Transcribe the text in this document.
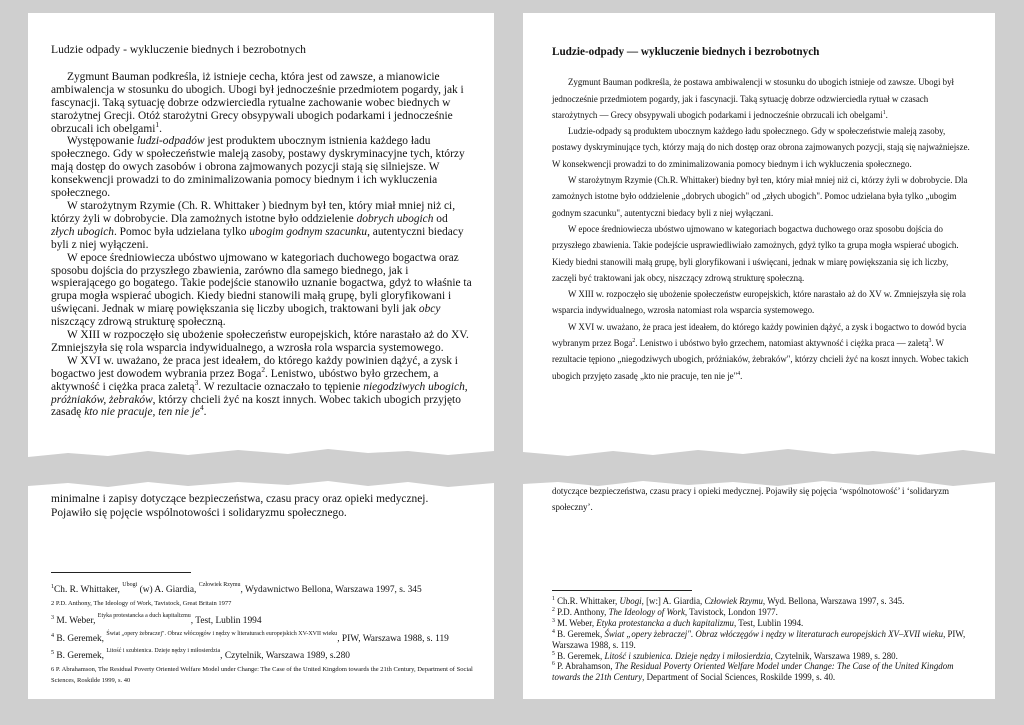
Ludzie odpady - wykluczenie biednych i bezrobotnych

Zygmunt Bauman podkreśla, iż istnieje cecha, która jest od zawsze, a mianowicie ambiwalencja w stosunku do ubogich. Ubogi był jednocześnie przedmiotem pogardy, jak i fascynacji. Taką sytuację dobrze odzwierciedla rytualne zachowanie wobec biednych w starożytnej Grecji. Otóż starożytni Grecy obsypywali ubogich podarkami i jednocześnie obrzucali ich obelgami$^1$.

Występowanie ludzi-odpadów jest produktem ubocznym istnienia każdego ładu społecznego. Gdy w społeczeństwie maleją zasoby, postawy dyskryminacyjne tych, którzy mają dostęp do owych zasobów i obrona zajmowanych pozycji stają się silniejsze. W konsekwencji prowadzi to do zminimalizowania pomocy biednym i ich wykluczenia społecznego.

W starożytnym Rzymie (Ch. R. Whittaker ) biednym był ten, który miał mniej niż ci, którzy żyli w dobrobycie. Dla zamożnych istotne było oddzielenie dobrych ubogich od złych ubogich. Pomoc była udzielana tylko ubogim godnym szacunku, autentyczni biedacy byli z niej wyłączeni.

W epoce średniowiecza ubóstwo ujmowano w kategoriach duchowego bogactwa oraz sposobu dojścia do przyszłego zbawienia, zarówno dla samego biednego, jak i wspierającego go bogatego. Takie podejście stanowiło uznanie bogactwa, gdyż to właśnie ta grupa mogła wspierać ubogich. Kiedy biedni stanowili małą grupę, byli gloryfikowani i uświęcani. Jednak w miarę powiększania się liczby ubogich, traktowani byli jak obcy niszczący zdrową strukturę społeczną.

W XIII w rozpoczęło się ubożenie społeczeństw europejskich, które narastało aż do XV. Zmniejszyła się rola wsparcia indywidualnego, a wzrosła rola wsparcia systemowego.

W XVI w. uważano, że praca jest ideałem, do którego każdy powinien dążyć, a zysk i bogactwo jest dowodem wybrania przez Boga$^2$. Lenistwo, ubóstwo było grzechem, a aktywność i ciężka praca zaletą$^3$. W rezultacie oznaczało to tępienie niegodziwych ubogich, próżniaków, żebraków, którzy chcieli żyć na koszt innych. Wobec takich ubogich przyjęto zasadę kto nie pracuje, ten nie $je^4$.

Ludzie-odpady — wykluczenie biednych i bezrobotnych

Zygmunt Bauman podkreśla, że postawa ambiwalencji w stosunku do ubogich istnieje od zawsze. Ubogi był jednocześnie przedmiotem pogardy, jak i fascynacji. Taką sytuację dobrze odzwierciedla rytuał w czasach starożytnych — Grecy obsypywali ubogich podarkami i jednocześnie obrzucali ich obelgami$^1$.

Ludzie-odpady są produktem ubocznym każdego ładu społecznego. Gdy w społeczeństwie maleją zasoby, postawy dyskryminujące tych, którzy mają do nich dostęp oraz obrona zajmowanych pozycji, stają się najważniejsze. W konsekwencji prowadzi to do zminimalizowania pomocy biednym i ich wykluczenia społecznego.

W starożytnym Rzymie (Ch.R. Whittaker) biedny był ten, który miał mniej niż ci, którzy żyli w dobrobycie. Dla zamożnych istotne było oddzielenie „dobrych ubogich" od „złych ubogich". Pomoc udzielana była tylko „ubogim godnym szacunku", autentyczni biedacy byli z niej wyłączani.

W epoce średniowiecza ubóstwo ujmowano w kategoriach bogactwa duchowego oraz sposobu dojścia do przyszłego zbawienia. Takie podejście usprawiedliwiało zamożnych, gdyż tylko ta grupa mogła wspierać ubogich. Kiedy biedni stanowili małą grupę, byli gloryfikowani i uświęcani, jednak w miarę powiększania się ich liczby, zaczęli być traktowani jak obcy, niszczący zdrową strukturę społeczną.

W XIII w. rozpoczęło się ubożenie społeczeństw europejskich, które narastało aż do XV w. Zmniejszyła się rola wsparcia indywidualnego, wzrosła natomiast rola wsparcia systemowego.

W XVI w. uważano, że praca jest ideałem, do którego każdy powinien dążyć, a zysk i bogactwo to dowód bycia wybranym przez Boga$^2$. Lenistwo i ubóstwo było grzechem, natomiast aktywność i ciężka praca — zaletą$^3$. W rezultacie tępiono „niegodziwych ubogich, próżniaków, żebraków", którzy chcieli żyć na koszt innych. Wobec takich ubogich przyjęto zasadę „kto nie pracuje, ten nie je"$^4$.

minimalne i zapisy dotyczące bezpieczeństwa, czasu pracy oraz opieki medycznej. Pojawiło się pojęcie wspólnotowości i solidaryzmu społecznego.

$^1$Ch. R. Whittaker, $^{Ubogi}$ (w) A. Giardia, $^{Człowiek Rzymu}$, Wydawnictwo Bellona, Warszawa 1997, s. 345

2 P.D. Anthony, The Ideology of Work, Tavistock, Great Britain 1977

$^3$ M. Weber, $^{Etyka protestancka a duch kapitalizmu}$, Test, Lublin 1994

$^4$ B. Geremek, $^{Świat „opery żebraczej". Obraz włóczęgów i nędzy w literaturach europejskich XV-XVII wieku}$, PIW, Warszawa 1988, s. 119

$^5$ B. Geremek, $^{Litość i szubienica. Dzieje nędzy i miłosierdzia}$, Czytelnik, Warszawa 1989, s.280

6 P. Abrahamson, The Residual Poverty Oriented Welfare Model under Change: The Case of the United Kingdom towards the 21th Century, Department of Social Sciences, Roskilde 1999, s. 40

dotyczące bezpieczeństwa, czasu pracy i opieki medycznej. Pojawiły się pojęcia ‘wspólnotowość’ i ‘solidaryzm społeczny’.

$^1$ Ch.R. Whittaker, Ubogi, [w:] A. Giardia, Człowiek Rzymu, Wyd. Bellona, Warszawa 1997, s. 345.

$^2$ P.D. Anthony, The Ideology of Work, Tavistock, London 1977.

$^3$ M. Weber, Etyka protestancka a duch kapitalizmu, Test, Lublin 1994.

$^4$ B. Geremek, Świat „opery żebraczej". Obraz włóczęgów i nędzy w literaturach europejskich XV–XVII wieku, PIW, Warszawa 1988, s. 119.

$^5$ B. Geremek, Litość i szubienica. Dzieje nędzy i miłosierdzia, Czytelnik, Warszawa 1989, s. 280.

$^6$ P. Abrahamson, The Residual Poverty Oriented Welfare Model under Change: The Case of the United Kingdom towards the 21th Century, Department of Social Sciences, Roskilde 1999, s. 40.
